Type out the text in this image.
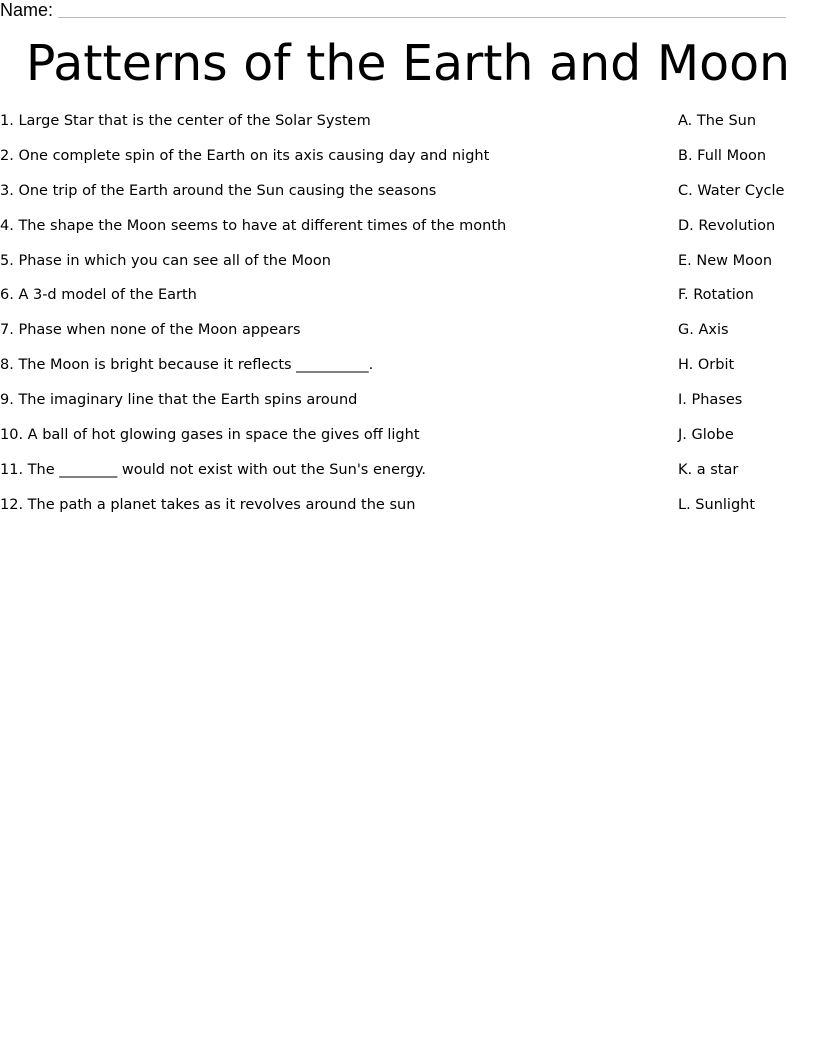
Name:
Patterns of the Earth and Moon
1. Large Star that is the center of the Solar System
2. One complete spin of the Earth on its axis causing day and night
3. One trip of the Earth around the Sun causing the seasons
4. The shape the Moon seems to have at different times of the month
5. Phase in which you can see all of the Moon
6. A 3-d model of the Earth
7. Phase when none of the Moon appears
8. The Moon is bright because it reflects __________.
9. The imaginary line that the Earth spins around
10. A ball of hot glowing gases in space the gives off light
11. The ________ would not exist with out the Sun's energy.
12. The path a planet takes as it revolves around the sun
A. The Sun
B. Full Moon
C. Water Cycle
D. Revolution
E. New Moon
F. Rotation
G. Axis
H. Orbit
I. Phases
J. Globe
K. a star
L. Sunlight
